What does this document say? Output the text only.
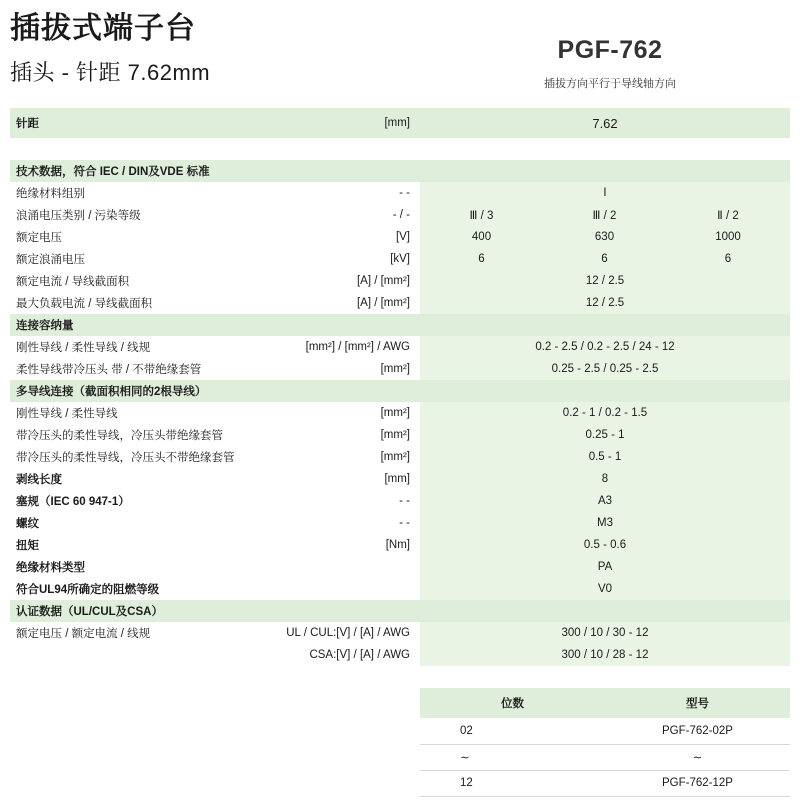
插拔式端子台
插头 - 针距 7.62mm
PGF-762
插拔方向平行于导线轴方向
针距	[mm]	7.62		

技术数据，符合 IEC / DIN及VDE 标准				
绝缘材料组别	- -	I		
浪涌电压类别 / 污染等级	- / -	Ⅲ / 3	Ⅲ / 2	Ⅱ / 2
额定电压	[V]	400	630	1000
额定浪涌电压	[kV]	6	6	6
额定电流 / 导线截面积	[A] / [mm²]	12 / 2.5		
最大负载电流 / 导线截面积	[A] / [mm²]	12 / 2.5		
连接容纳量				
刚性导线 / 柔性导线 / 线规	[mm²] / [mm²] / AWG	0.2 - 2.5 / 0.2 - 2.5 / 24 - 12		
柔性导线带冷压头 带 / 不带绝缘套管	[mm²]	0.25 - 2.5 / 0.25 - 2.5		
多导线连接（截面积相同的2根导线）				
刚性导线 / 柔性导线	[mm²]	0.2 - 1 / 0.2 - 1.5		
带冷压头的柔性导线，冷压头带绝缘套管	[mm²]	0.25 - 1		
带冷压头的柔性导线，冷压头不带绝缘套管	[mm²]	0.5 - 1		
剥线长度	[mm]	8		
塞规（IEC 60 947-1）	- -	A3		
螺纹	- -	M3		
扭矩	[Nm]	0.5 - 0.6		
绝缘材料类型		PA		
符合UL94所确定的阻燃等级		V0		
认证数据（UL/CUL及CSA）				
额定电压 / 额定电流 / 线规	UL / CUL:[V] / [A] / AWG	300 / 10 / 30 - 12		
	CSA:[V] / [A] / AWG	300 / 10 / 28 - 12		

位数	型号
02	PGF-762-02P
∼	∼
12	PGF-762-12P
